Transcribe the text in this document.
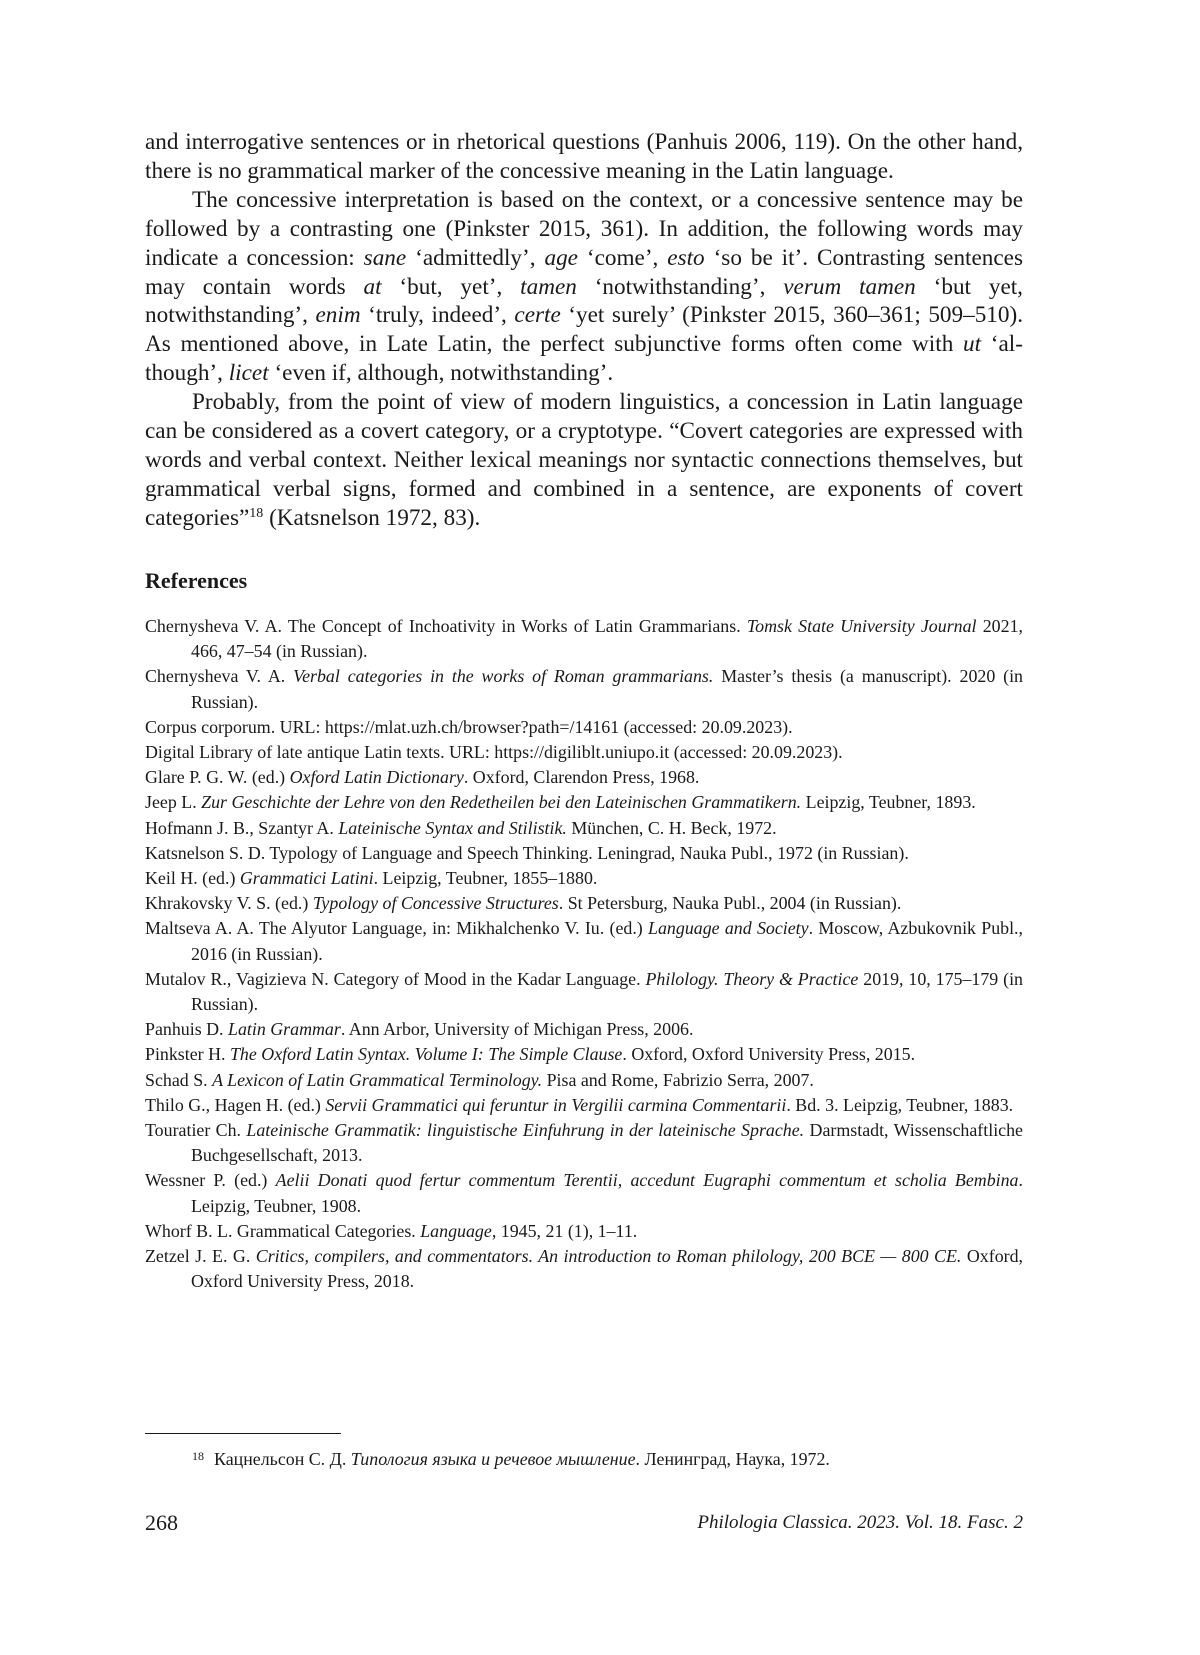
and interrogative sentences or in rhetorical questions (Panhuis 2006, 119). On the other hand, there is no grammatical marker of the concessive meaning in the Latin language.

The concessive interpretation is based on the context, or a concessive sentence may be followed by a contrasting one (Pinkster 2015, 361). In addition, the following words may indicate a concession: sane ‘admittedly’, age ‘come’, esto ‘so be it’. Contrasting sentences may contain words at ‘but, yet’, tamen ‘notwithstanding’, verum tamen ‘but yet, notwithstanding’, enim ‘truly, indeed’, certe ‘yet surely’ (Pinkster 2015, 360–361; 509–510). As mentioned above, in Late Latin, the perfect subjunctive forms often come with ut ‘although’, licet ‘even if, although, notwithstanding’.

Probably, from the point of view of modern linguistics, a concession in Latin language can be considered as a covert category, or a cryptotype. “Covert categories are expressed with words and verbal context. Neither lexical meanings nor syntactic connections themselves, but grammatical verbal signs, formed and combined in a sentence, are exponents of covert categories”$^{18}$ (Katsnelson 1972, 83).

References
Chernysheva V. A. The Concept of Inchoativity in Works of Latin Grammarians. Tomsk State University Journal 2021, 466, 47–54 (in Russian).
Chernysheva V. A. Verbal categories in the works of Roman grammarians. Master’s thesis (a manuscript). 2020 (in Russian).
Corpus corporum. URL: https://mlat.uzh.ch/browser?path=/14161 (accessed: 20.09.2023).
Digital Library of late antique Latin texts. URL: https://digiliblt.uniupo.it (accessed: 20.09.2023).
Glare P. G. W. (ed.) Oxford Latin Dictionary. Oxford, Clarendon Press, 1968.
Jeep L. Zur Geschichte der Lehre von den Redetheilen bei den Lateinischen Grammatikern. Leipzig, Teubner, 1893.
Hofmann J. B., Szantyr A. Lateinische Syntax and Stilistik. München, C. H. Beck, 1972.
Katsnelson S. D. Typology of Language and Speech Thinking. Leningrad, Nauka Publ., 1972 (in Russian).
Keil H. (ed.) Grammatici Latini. Leipzig, Teubner, 1855–1880.
Khrakovsky V. S. (ed.) Typology of Concessive Structures. St Petersburg, Nauka Publ., 2004 (in Russian).
Maltseva A. A. The Alyutor Language, in: Mikhalchenko V. Iu. (ed.) Language and Society. Moscow, Azbukovnik Publ., 2016 (in Russian).
Mutalov R., Vagizieva N. Category of Mood in the Kadar Language. Philology. Theory & Practice 2019, 10, 175–179 (in Russian).
Panhuis D. Latin Grammar. Ann Arbor, University of Michigan Press, 2006.
Pinkster H. The Oxford Latin Syntax. Volume I: The Simple Clause. Oxford, Oxford University Press, 2015.
Schad S. A Lexicon of Latin Grammatical Terminology. Pisa and Rome, Fabrizio Serra, 2007.
Thilo G., Hagen H. (ed.) Servii Grammatici qui feruntur in Vergilii carmina Commentarii. Bd. 3. Leipzig, Teubner, 1883.
Touratier Ch. Lateinische Grammatik: linguistische Einfuhrung in der lateinische Sprache. Darmstadt, Wissenschaftliche Buchgesellschaft, 2013.
Wessner P. (ed.) Aelii Donati quod fertur commentum Terentii, accedunt Eugraphi commentum et scholia Bembina. Leipzig, Teubner, 1908.
Whorf B. L. Grammatical Categories. Language, 1945, 21 (1), 1–11.
Zetzel J. E. G. Critics, compilers, and commentators. An introduction to Roman philology, 200 BCE — 800 CE. Oxford, Oxford University Press, 2018.
$^{18}$ Кацнельсон С. Д. Типология языка и речевое мышление. Ленинград, Наука, 1972.
268	Philologia Classica. 2023. Vol. 18. Fasc. 2
